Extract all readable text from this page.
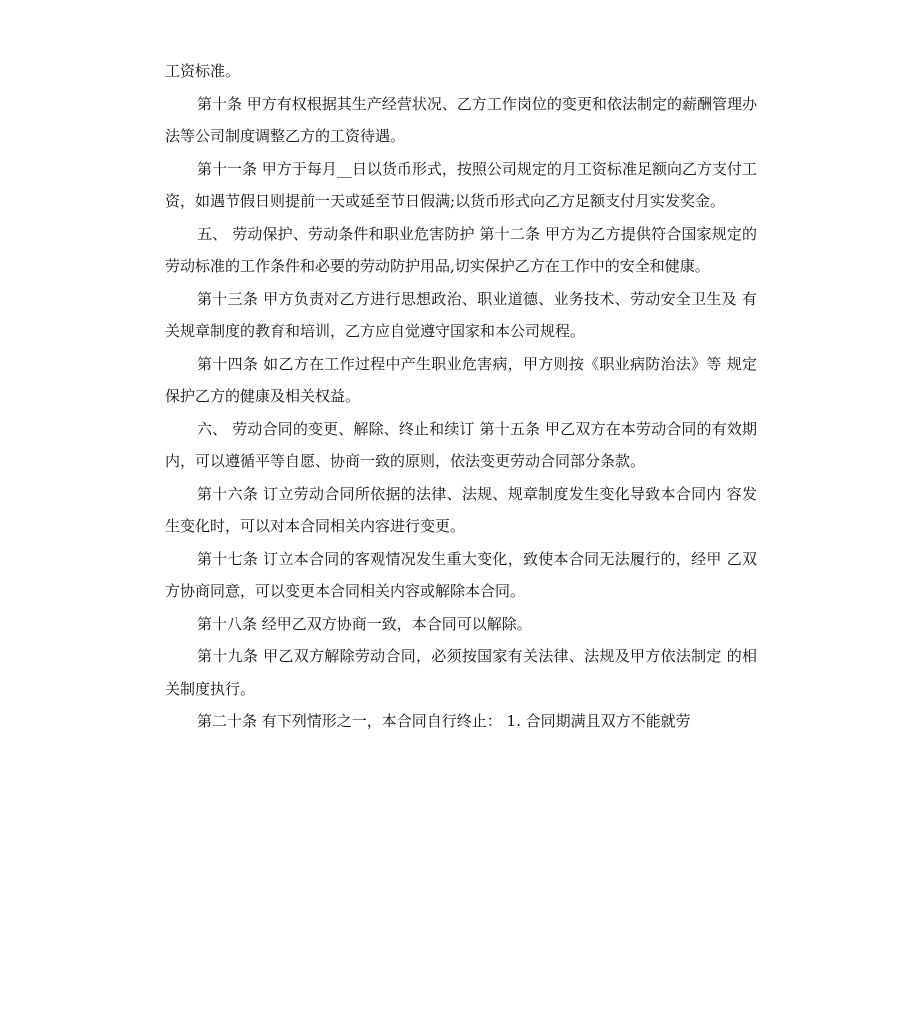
工资标准。

第十条 甲方有权根据其生产经营状况、乙方工作岗位的变更和依法制定的薪酬管理办法等公司制度调整乙方的工资待遇。

第十一条 甲方于每月__日以货币形式，按照公司规定的月工资标准足额向乙方支付工资，如遇节假日则提前一天或延至节日假满;以货币形式向乙方足额支付月实发奖金。

五、 劳动保护、劳动条件和职业危害防护 第十二条 甲方为乙方提供符合国家规定的劳动标准的工作条件和必要的劳动防护用品,切实保护乙方在工作中的安全和健康。

第十三条 甲方负责对乙方进行思想政治、职业道德、业务技术、劳动安全卫生及 有关规章制度的教育和培训，乙方应自觉遵守国家和本公司规程。

第十四条 如乙方在工作过程中产生职业危害病，甲方则按《职业病防治法》等 规定保护乙方的健康及相关权益。

六、 劳动合同的变更、解除、终止和续订 第十五条 甲乙双方在本劳动合同的有效期内，可以遵循平等自愿、协商一致的原则，依法变更劳动合同部分条款。

第十六条 订立劳动合同所依据的法律、法规、规章制度发生变化导致本合同内 容发生变化时，可以对本合同相关内容进行变更。

第十七条 订立本合同的客观情况发生重大变化，致使本合同无法履行的，经甲 乙双方协商同意，可以变更本合同相关内容或解除本合同。

第十八条 经甲乙双方协商一致，本合同可以解除。

第十九条 甲乙双方解除劳动合同，必须按国家有关法律、法规及甲方依法制定 的相关制度执行。

第二十条 有下列情形之一，本合同自行终止： 1. 合同期满且双方不能就劳
